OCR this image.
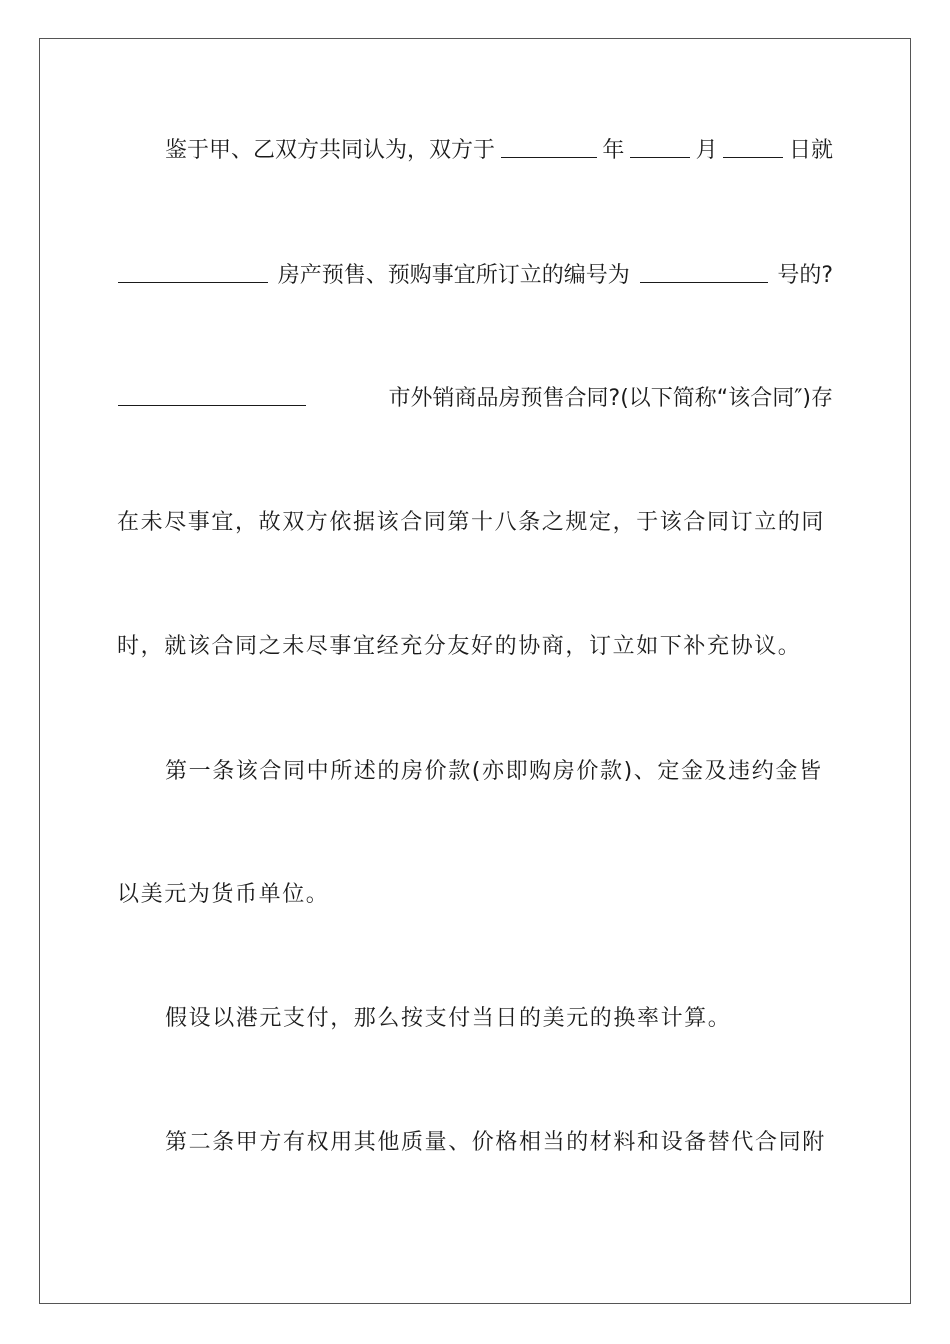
鉴于甲、乙双方共同认为，双方于	年	月	日就
房产预售、预购事宜所订立的编号为	号的?
市外销商品房预售合同?(以下简称“该合同″)存
在未尽事宜，故双方依据该合同第十八条之规定，于该合同订立的同
时，就该合同之未尽事宜经充分友好的协商，订立如下补充协议。
第一条该合同中所述的房价款(亦即购房价款)、定金及违约金皆
以美元为货币单位。
假设以港元支付，那么按支付当日的美元的换率计算。
第二条甲方有权用其他质量、价格相当的材料和设备替代合同附
